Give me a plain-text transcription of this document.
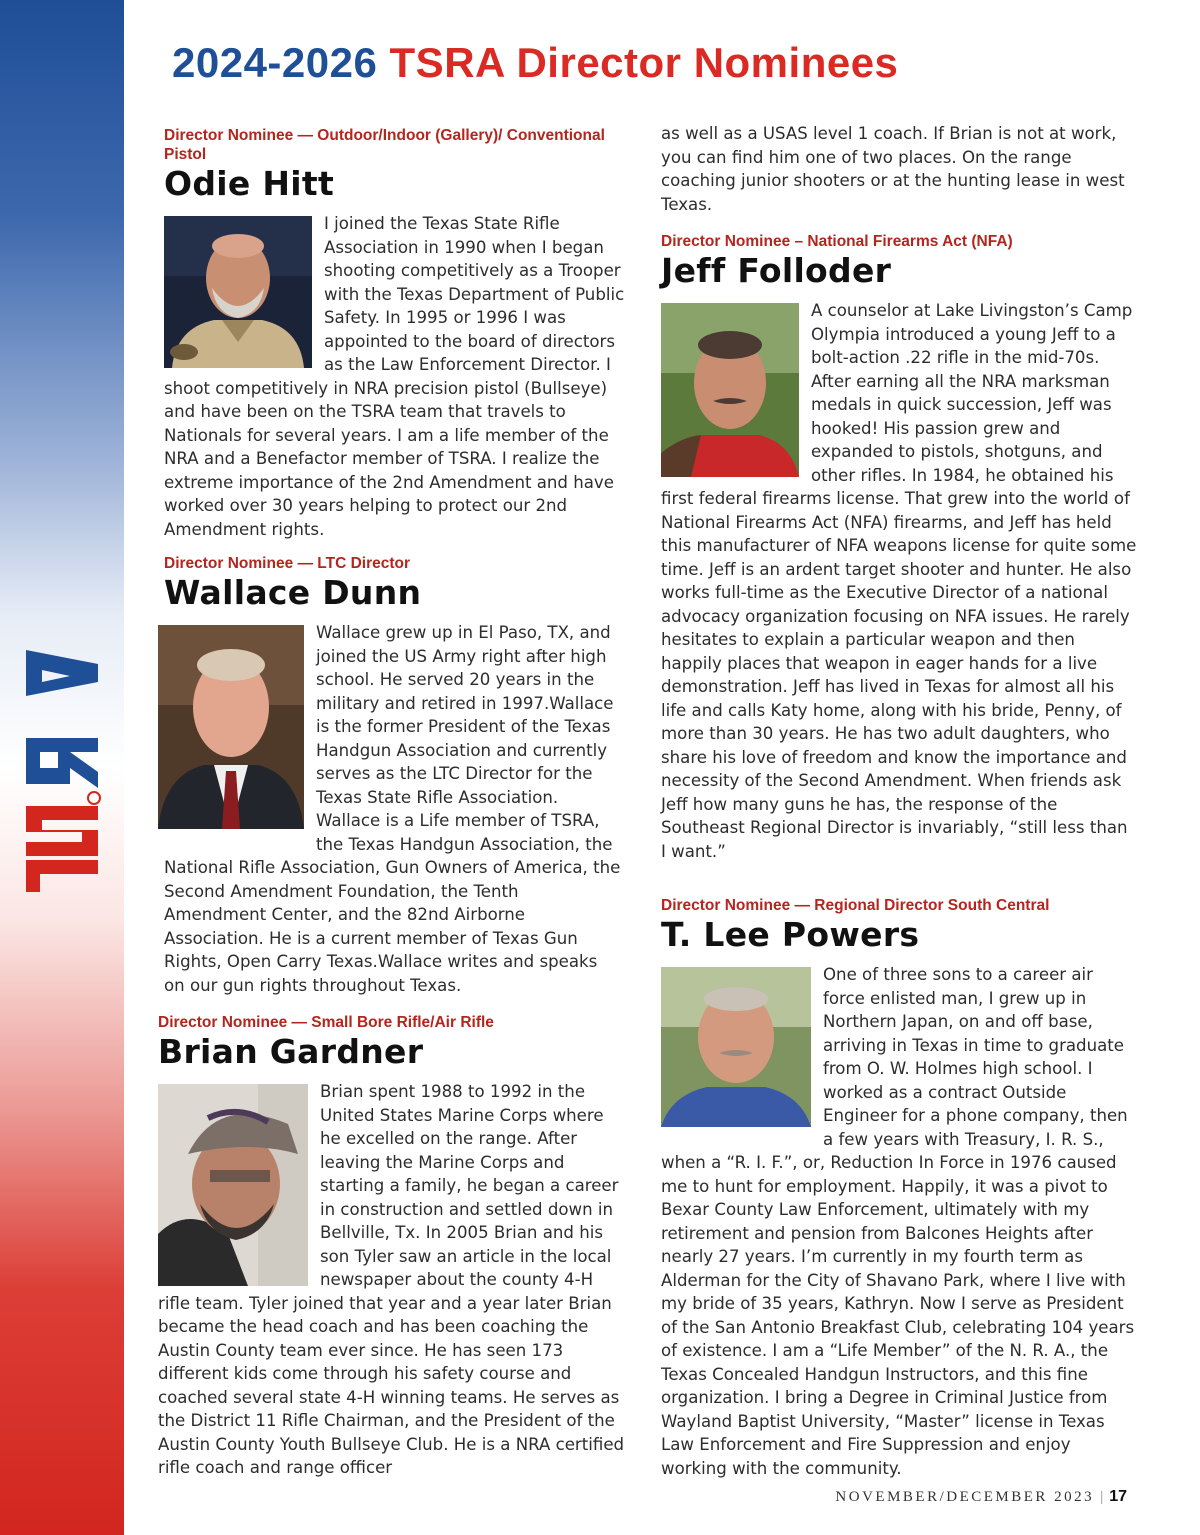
2024-2026 TSRA Director Nominees

Director Nominee — Outdoor/Indoor (Gallery)/ Conventional Pistol

Odie Hitt
I joined the Texas State Rifle Association in 1990 when I began shooting competitively as a Trooper with the Texas Department of Public Safety. In 1995 or 1996 I was appointed to the board of directors as the Law Enforcement Director. I shoot competitively in NRA precision pistol (Bullseye) and have been on the TSRA team that travels to Nationals for several years. I am a life member of the NRA and a Benefactor member of TSRA. I realize the extreme importance of the 2nd Amendment and have worked over 30 years helping to protect our 2nd Amendment rights.

Director Nominee — LTC Director

Wallace Dunn
Wallace grew up in El Paso, TX, and joined the US Army right after high school. He served 20 years in the military and retired in 1997.Wallace is the former President of the Texas Handgun Association and currently serves as the LTC Director for the Texas State Rifle Association. Wallace is a Life member of TSRA, the Texas Handgun Association, the National Rifle Association, Gun Owners of America, the Second Amendment Foundation, the Tenth Amendment Center, and the 82nd Airborne Association. He is a current member of Texas Gun Rights, Open Carry Texas.Wallace writes and speaks on our gun rights throughout Texas.

Director Nominee — Small Bore Rifle/Air Rifle

Brian Gardner
Brian spent 1988 to 1992 in the United States Marine Corps where he excelled on the range. After leaving the Marine Corps and starting a family, he began a career in construction and settled down in Bellville, Tx. In 2005 Brian and his son Tyler saw an article in the local newspaper about the county 4-H rifle team. Tyler joined that year and a year later Brian became the head coach and has been coaching the Austin County team ever since. He has seen 173 different kids come through his safety course and coached several state 4-H winning teams. He serves as the District 11 Rifle Chairman, and the President of the Austin County Youth Bullseye Club. He is a NRA certified rifle coach and range officer

as well as a USAS level 1 coach. If Brian is not at work, you can find him one of two places. On the range coaching junior shooters or at the hunting lease in west Texas.

Director Nominee – National Firearms Act (NFA)

Jeff Folloder
A counselor at Lake Livingston’s Camp Olympia introduced a young Jeff to a bolt-action .22 rifle in the mid-70s. After earning all the NRA marksman medals in quick succession, Jeff was hooked! His passion grew and expanded to pistols, shotguns, and other rifles. In 1984, he obtained his first federal firearms license. That grew into the world of National Firearms Act (NFA) firearms, and Jeff has held this manufacturer of NFA weapons license for quite some time. Jeff is an ardent target shooter and hunter. He also works full-time as the Executive Director of a national advocacy organization focusing on NFA issues. He rarely hesitates to explain a particular weapon and then happily places that weapon in eager hands for a live demonstration. Jeff has lived in Texas for almost all his life and calls Katy home, along with his bride, Penny, of more than 30 years. He has two adult daughters, who share his love of freedom and know the importance and necessity of the Second Amendment. When friends ask Jeff how many guns he has, the response of the Southeast Regional Director is invariably, “still less than I want.”

Director Nominee — Regional Director South Central

T. Lee Powers
One of three sons to a career air force enlisted man, I grew up in Northern Japan, on and off base, arriving in Texas in time to graduate from O. W. Holmes high school. I worked as a contract Outside Engineer for a phone company, then a few years with Treasury, I. R. S., when a “R. I. F.”, or, Reduction In Force in 1976 caused me to hunt for employment. Happily, it was a pivot to Bexar County Law Enforcement, ultimately with my retirement and pension from Balcones Heights after nearly 27 years. I’m currently in my fourth term as Alderman for the City of Shavano Park, where I live with my bride of 35 years, Kathryn. Now I serve as President of the San Antonio Breakfast Club, celebrating 104 years of existence. I am a “Life Member” of the N. R. A., the Texas Concealed Handgun Instructors, and this fine organization. I bring a Degree in Criminal Justice from Wayland Baptist University, “Master” license in Texas Law Enforcement and Fire Suppression and enjoy working with the community.
NOVEMBER/DECEMBER 2023 | 17
